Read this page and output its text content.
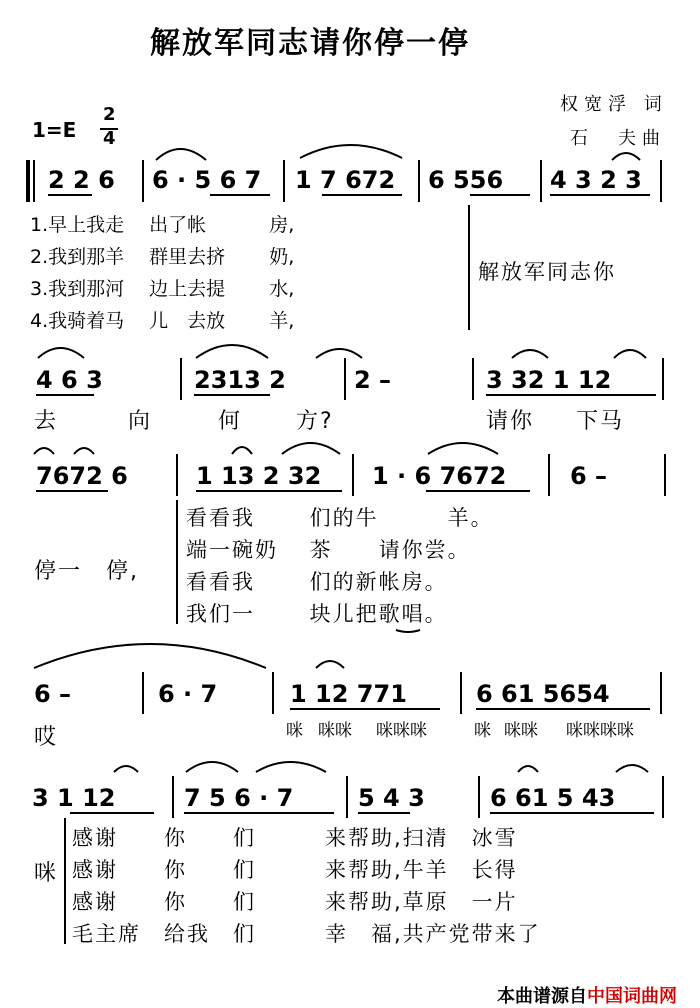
解放军同志请你停一停
权宽浮 词
石　夫曲
1=E
2
4
2 2 6 6 · 5 6 7 1 7 672 6 556 4 3 2 3
1.早上我走　 出了帐　　　 房,
2.我到那羊　 群里去挤　　 奶,
3.我到那河　 边上去提　　 水,
4.我骑着马　 儿　去放　　 羊,
解放军同志你
4 6 3	2313 2	2 –	3 32 1 12
去	向	何 方?	请你 下马
7672 6	1 13 2 32 1 · 6 7672	6 –
停一　停,
看看我　　 们的牛　　　羊。
端一碗奶　 茶　　请你尝。
看看我　　 们的新帐房。
我们一　　 块儿把歌唱。
6 –	6 · 7	1 12 771	6 61 5654
哎	咪 咪咪 咪咪咪	咪 咪咪 咪咪咪咪
3 1 12	7 5 6 · 7	5 4 3	6 61 5 43
咪
感谢　　你　　们　　　来帮助,扫清　冰雪
感谢　　你　　们　　　来帮助,牛羊　长得
感谢　　你　　们　　　来帮助,草原　一片
毛主席　给我　们　　　幸　福,共产党带来了
本曲谱源自中国词曲网
